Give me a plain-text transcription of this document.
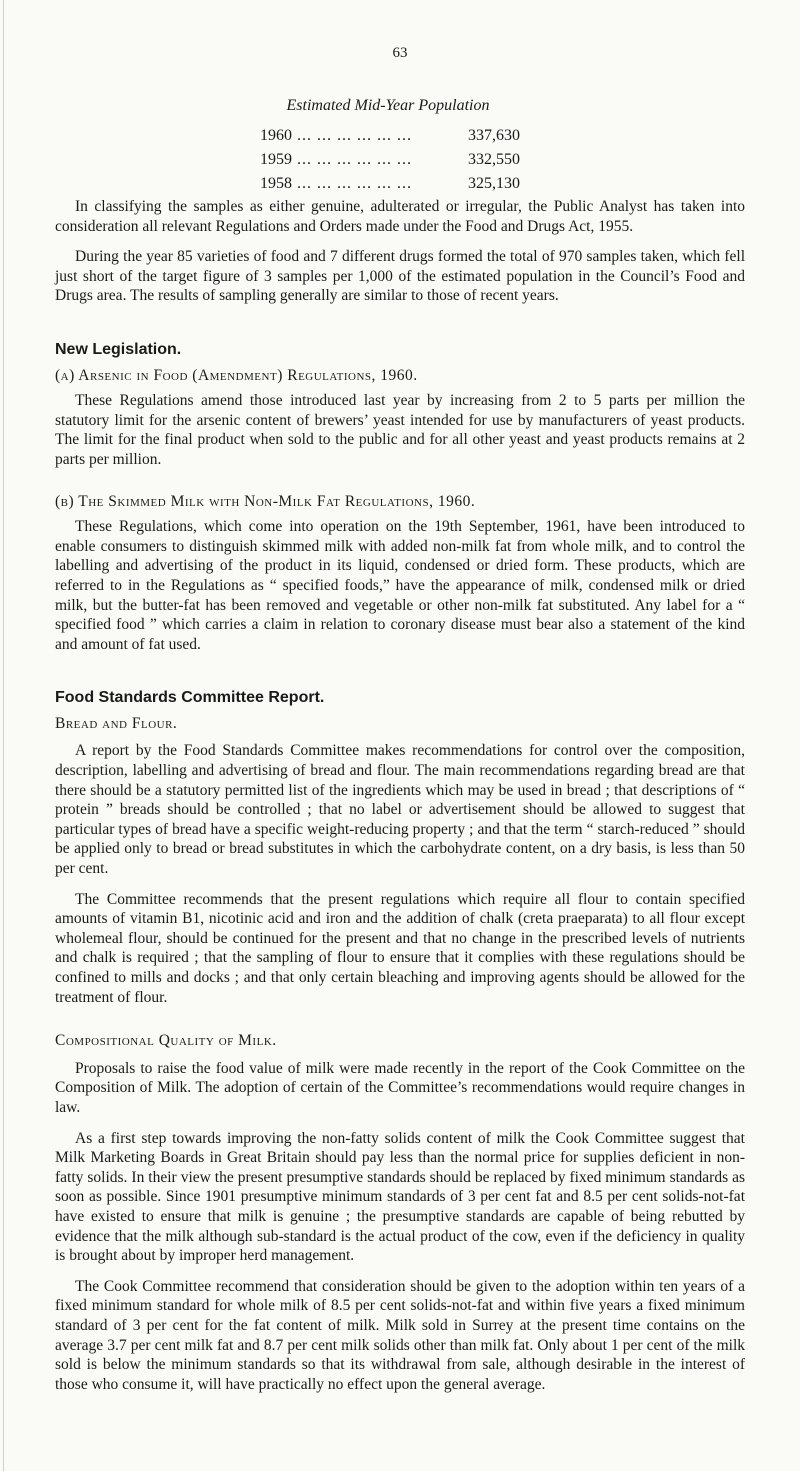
63
Estimated Mid-Year Population
1960 ... .	337,630
1959 ... .	332,550
1958 ... .	325,130

In classifying the samples as either genuine, adulterated or irregular, the Public Analyst has taken into consideration all relevant Regulations and Orders made under the Food and Drugs Act, 1955.

During the year 85 varieties of food and 7 different drugs formed the total of 970 samples taken, which fell just short of the target figure of 3 samples per 1,000 of the estimated population in the Council’s Food and Drugs area. The results of sampling generally are similar to those of recent years.

New Legislation.
(a) Arsenic in Food (Amendment) Regulations, 1960.

These Regulations amend those introduced last year by increasing from 2 to 5 parts per million the statutory limit for the arsenic content of brewers’ yeast intended for use by manufacturers of yeast products. The limit for the final product when sold to the public and for all other yeast and yeast products remains at 2 parts per million.

(b) The Skimmed Milk with Non-Milk Fat Regulations, 1960.

These Regulations, which come into operation on the 19th September, 1961, have been introduced to enable consumers to distinguish skimmed milk with added non-milk fat from whole milk, and to control the labelling and advertising of the product in its liquid, condensed or dried form. These products, which are referred to in the Regulations as “ specified foods,” have the appearance of milk, condensed milk or dried milk, but the butter-fat has been removed and vegetable or other non-milk fat substituted. Any label for a “ specified food ” which carries a claim in relation to coronary disease must bear also a statement of the kind and amount of fat used.

Food Standards Committee Report.
Bread and Flour.

A report by the Food Standards Committee makes recommendations for control over the composition, description, labelling and advertising of bread and flour. The main recommendations regarding bread are that there should be a statutory permitted list of the ingredients which may be used in bread ; that descriptions of “ protein ” breads should be controlled ; that no label or advertisement should be allowed to suggest that particular types of bread have a specific weight-reducing property ; and that the term “ starch-reduced ” should be applied only to bread or bread substitutes in which the carbohydrate content, on a dry basis, is less than 50 per cent.

The Committee recommends that the present regulations which require all flour to contain specified amounts of vitamin B1, nicotinic acid and iron and the addition of chalk (creta praeparata) to all flour except wholemeal flour, should be continued for the present and that no change in the prescribed levels of nutrients and chalk is required ; that the sampling of flour to ensure that it complies with these regulations should be confined to mills and docks ; and that only certain bleaching and improving agents should be allowed for the treatment of flour.

Compositional Quality of Milk.

Proposals to raise the food value of milk were made recently in the report of the Cook Committee on the Composition of Milk. The adoption of certain of the Committee’s recommendations would require changes in law.

As a first step towards improving the non-fatty solids content of milk the Cook Committee suggest that Milk Marketing Boards in Great Britain should pay less than the normal price for supplies deficient in non-fatty solids. In their view the present presumptive standards should be replaced by fixed minimum standards as soon as possible. Since 1901 presumptive minimum standards of 3 per cent fat and 8.5 per cent solids-not-fat have existed to ensure that milk is genuine ; the presumptive standards are capable of being rebutted by evidence that the milk although sub-standard is the actual product of the cow, even if the deficiency in quality is brought about by improper herd management.

The Cook Committee recommend that consideration should be given to the adoption within ten years of a fixed minimum standard for whole milk of 8.5 per cent solids-not-fat and within five years a fixed minimum standard of 3 per cent for the fat content of milk. Milk sold in Surrey at the present time contains on the average 3.7 per cent milk fat and 8.7 per cent milk solids other than milk fat. Only about 1 per cent of the milk sold is below the minimum standards so that its withdrawal from sale, although desirable in the interest of those who consume it, will have practically no effect upon the general average.
